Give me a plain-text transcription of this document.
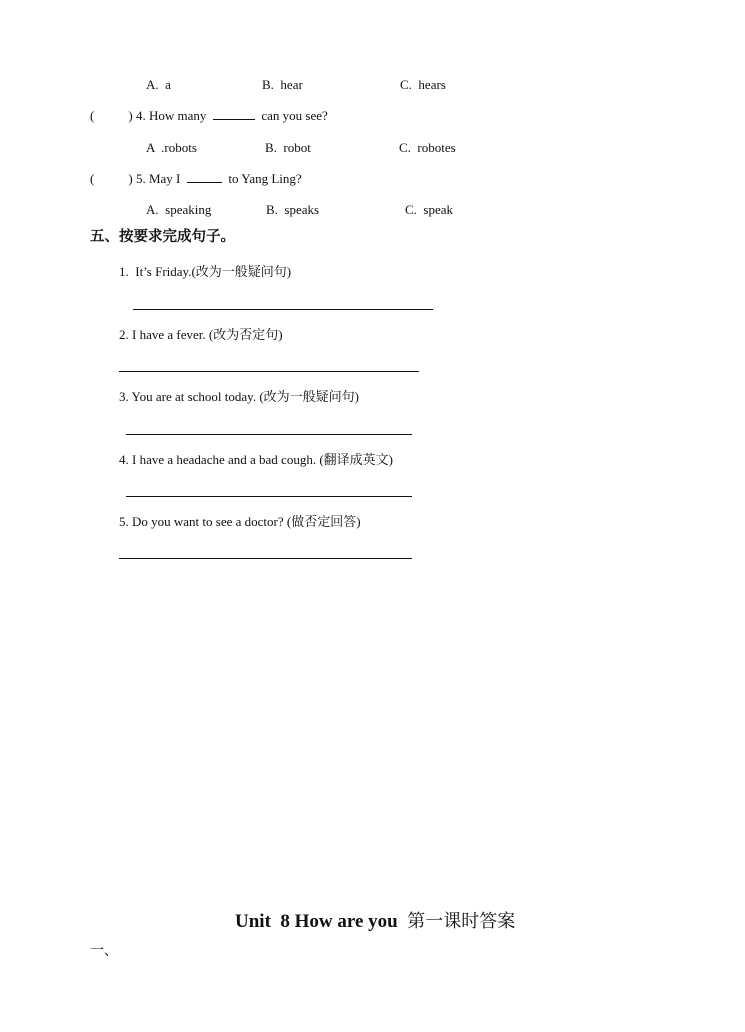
A.  a	B.  hear	C.  hears
(	) 4. How many	can you see?
A  .robots	B.  robot	C.  robotes
(	) 5. May I	to Yang Ling?
A.  speaking	B.  speaks	C.  speak
五、按要求完成句子。
1.  It’s Friday.(改为一般疑问句)
2. I have a fever. (改为否定句)
3. You are at school today. (改为一般疑问句)
4. I have a headache and a bad cough. (翻译成英文)
5. Do you want to see a doctor? (做否定回答)
Unit  8 How are you 第一课时答案
一、
